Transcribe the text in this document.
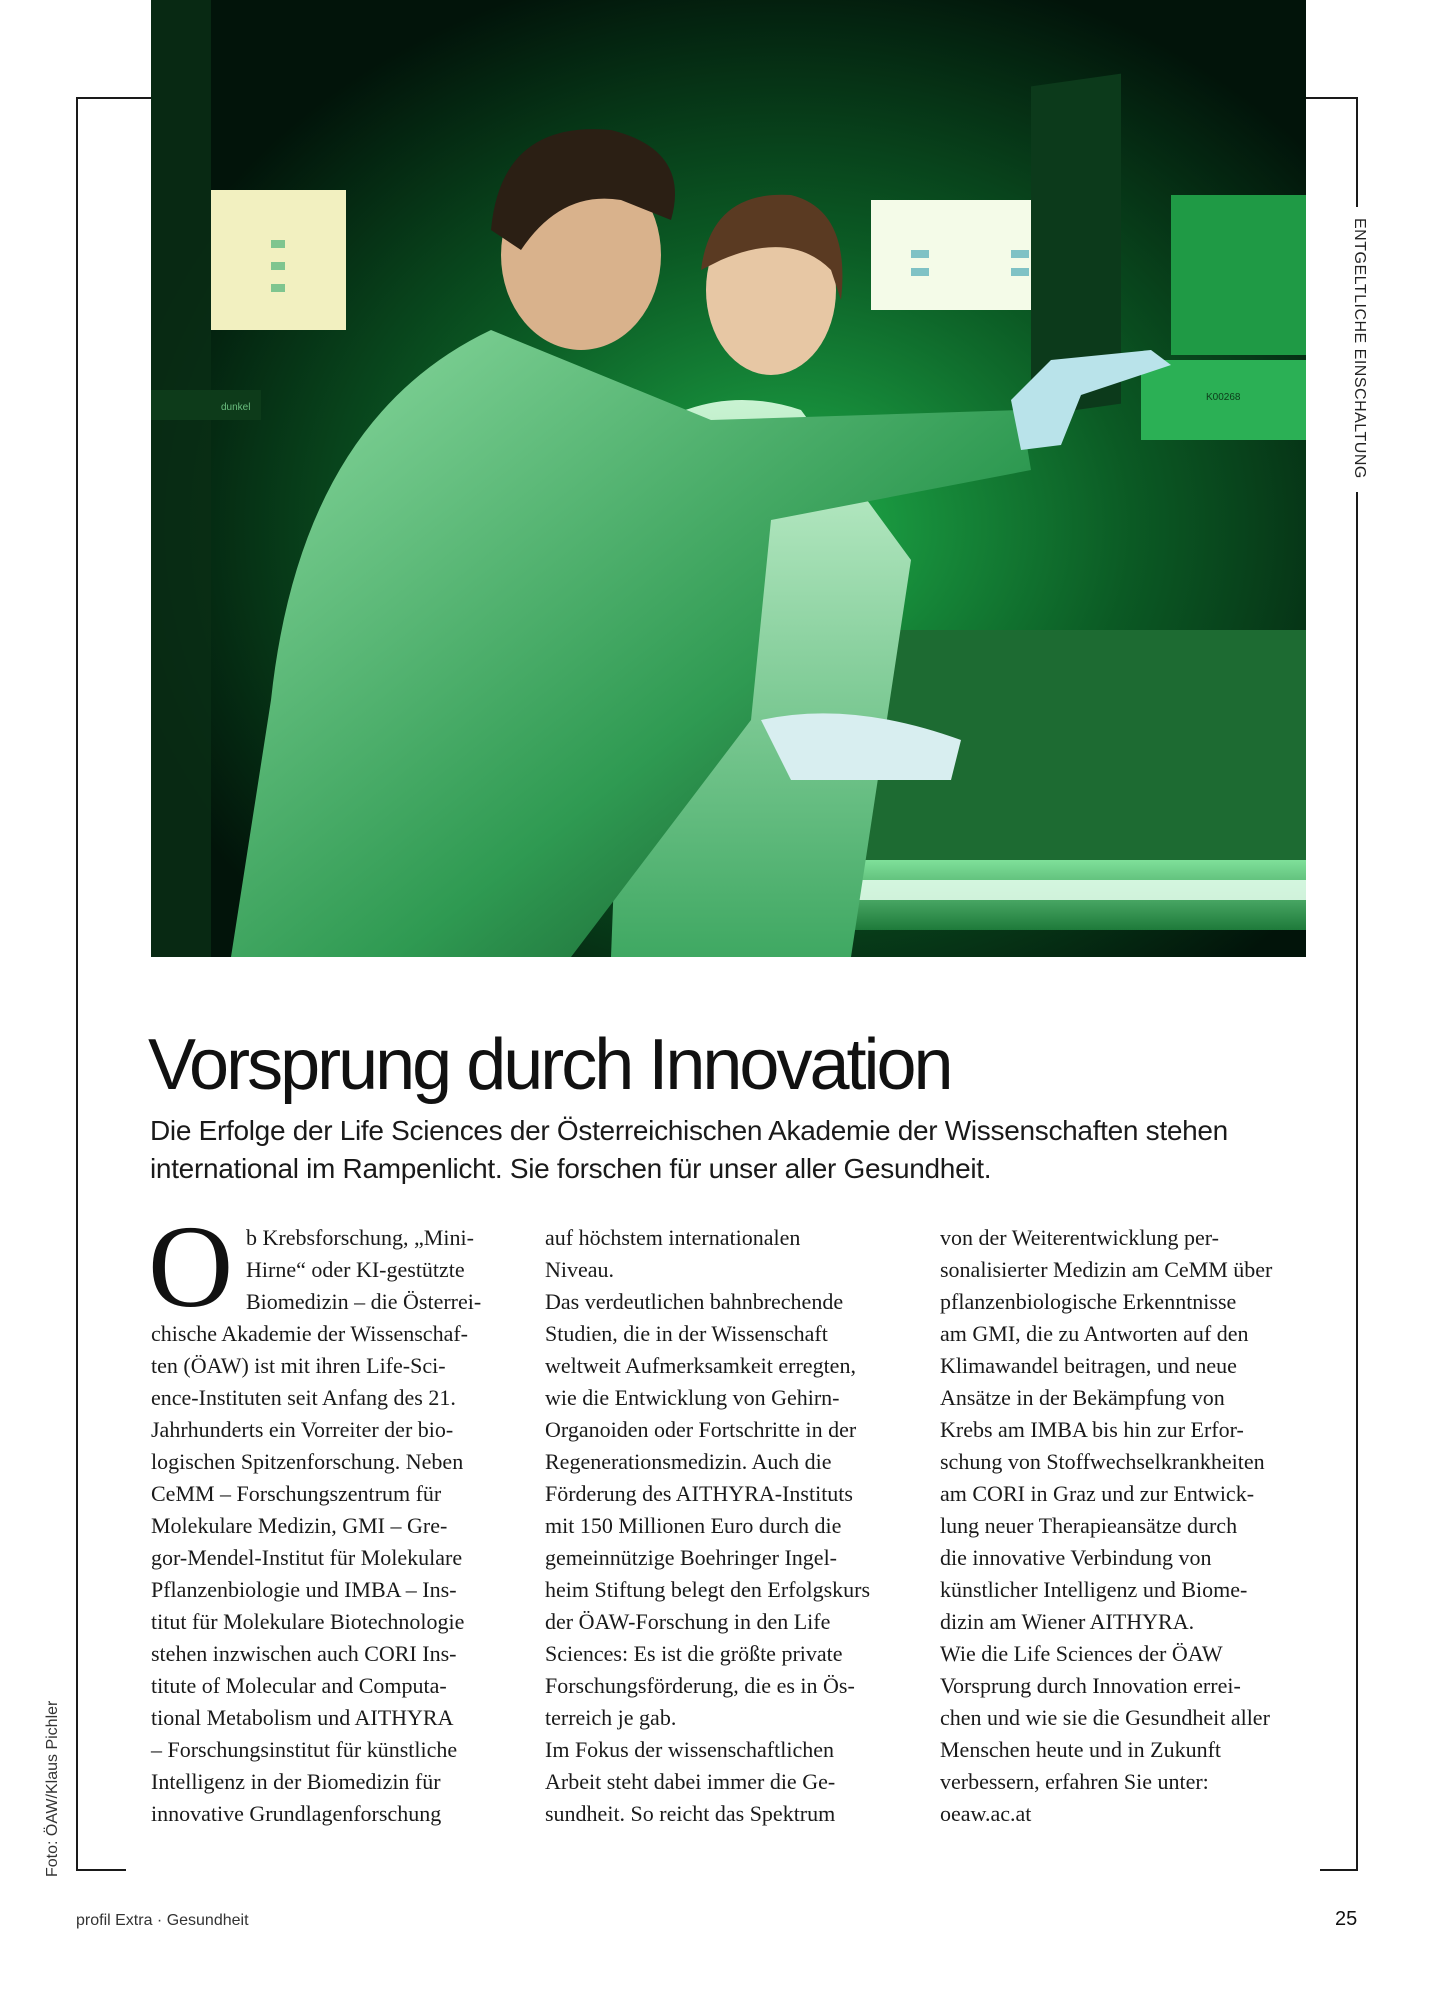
K00268
dunkel	ENTGELTLICHE EINSCHALTUNG
Foto: ÖAW/Klaus Pichler
Vorsprung durch Innovation

Die Erfolge der Life Sciences der Österreichischen Akademie der Wissenschaften stehen international im Rampenlicht. Sie forschen für unser aller Gesundheit.

O b Krebsforschung, „Mini-
Hirne“ oder KI-gestützte
Biomedizin – die Österrei-
chische Akademie der Wissenschaf-
ten (ÖAW) ist mit ihren Life-Sci-
ence-Instituten seit Anfang des 21.
Jahrhunderts ein Vorreiter der bio-
logischen Spitzenforschung. Neben
CeMM – Forschungszentrum für
Molekulare Medizin, GMI – Gre-
gor-Mendel-Institut für Molekulare
Pflanzenbiologie und IMBA – Ins-
titut für Molekulare Biotechnologie
stehen inzwischen auch CORI Ins-
titute of Molecular and Computa-
tional Metabolism und AITHYRA
– Forschungsinstitut für künstliche
Intelligenz in der Biomedizin für
innovative Grundlagenforschung
auf höchstem internationalen
Niveau.
Das verdeutlichen bahnbrechende
Studien, die in der Wissenschaft
weltweit Aufmerksamkeit erregten,
wie die Entwicklung von Gehirn-
Organoiden oder Fortschritte in der
Regenerationsmedizin. Auch die
Förderung des AITHYRA-Instituts
mit 150 Millionen Euro durch die
gemeinnützige Boehringer Ingel-
heim Stiftung belegt den Erfolgskurs
der ÖAW-Forschung in den Life
Sciences: Es ist die größte private
Forschungsförderung, die es in Ös-
terreich je gab.
Im Fokus der wissenschaftlichen
Arbeit steht dabei immer die Ge-
sundheit. So reicht das Spektrum
von der Weiterentwicklung per-
sonalisierter Medizin am CeMM über
pflanzenbiologische Erkenntnisse
am GMI, die zu Antworten auf den
Klimawandel beitragen, und neue
Ansätze in der Bekämpfung von
Krebs am IMBA bis hin zur Erfor-
schung von Stoffwechselkrankheiten
am CORI in Graz und zur Entwick-
lung neuer Therapieansätze durch
die innovative Verbindung von
künstlicher Intelligenz und Biome-
dizin am Wiener AITHYRA.
Wie die Life Sciences der ÖAW
Vorsprung durch Innovation errei-
chen und wie sie die Gesundheit aller
Menschen heute und in Zukunft
verbessern, erfahren Sie unter:
oeaw.ac.at
profil Extra · Gesundheit	25
